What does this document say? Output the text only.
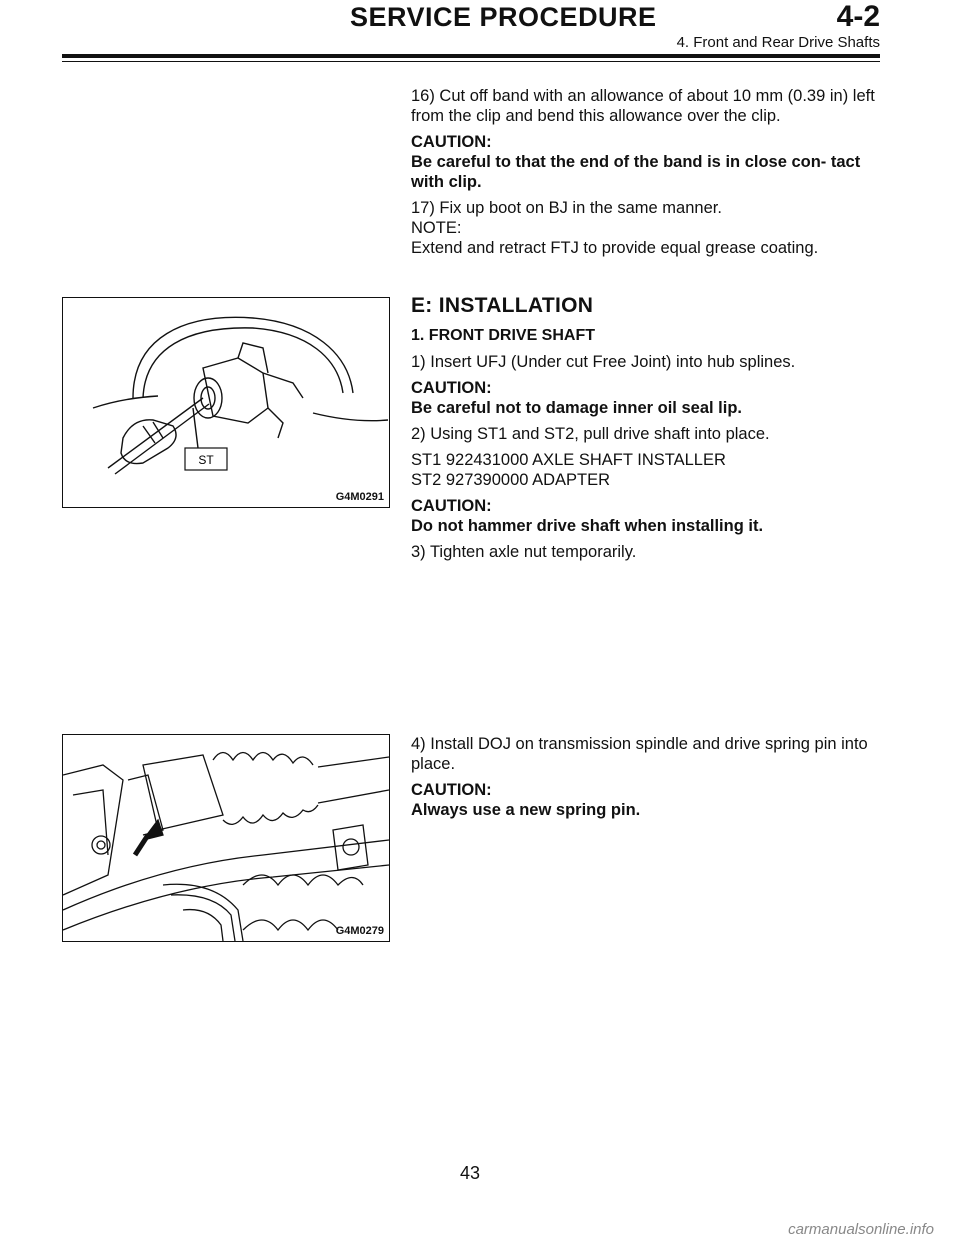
SERVICE PROCEDURE	4-2
4. Front and Rear Drive Shafts

16) Cut off band with an allowance of about 10 mm (0.39 in) left from the clip and bend this allowance over the clip.

CAUTION:

Be careful to that the end of the band is in close con- tact with clip.

17) Fix up boot on BJ in the same manner.

NOTE:

Extend and retract FTJ to provide equal grease coating.

E: INSTALLATION
1. FRONT DRIVE SHAFT

1) Insert UFJ (Under cut Free Joint) into hub splines.

CAUTION:

Be careful not to damage inner oil seal lip.

2) Using ST1 and ST2, pull drive shaft into place.

ST1 922431000 AXLE SHAFT INSTALLER

ST2 927390000 ADAPTER

CAUTION:

Do not hammer drive shaft when installing it.

3) Tighten axle nut temporarily.

4) Install DOJ on transmission spindle and drive spring pin into place.

CAUTION:

Always use a new spring pin.

ST
G4M0291
G4M0279
43
carmanualsonline.info
